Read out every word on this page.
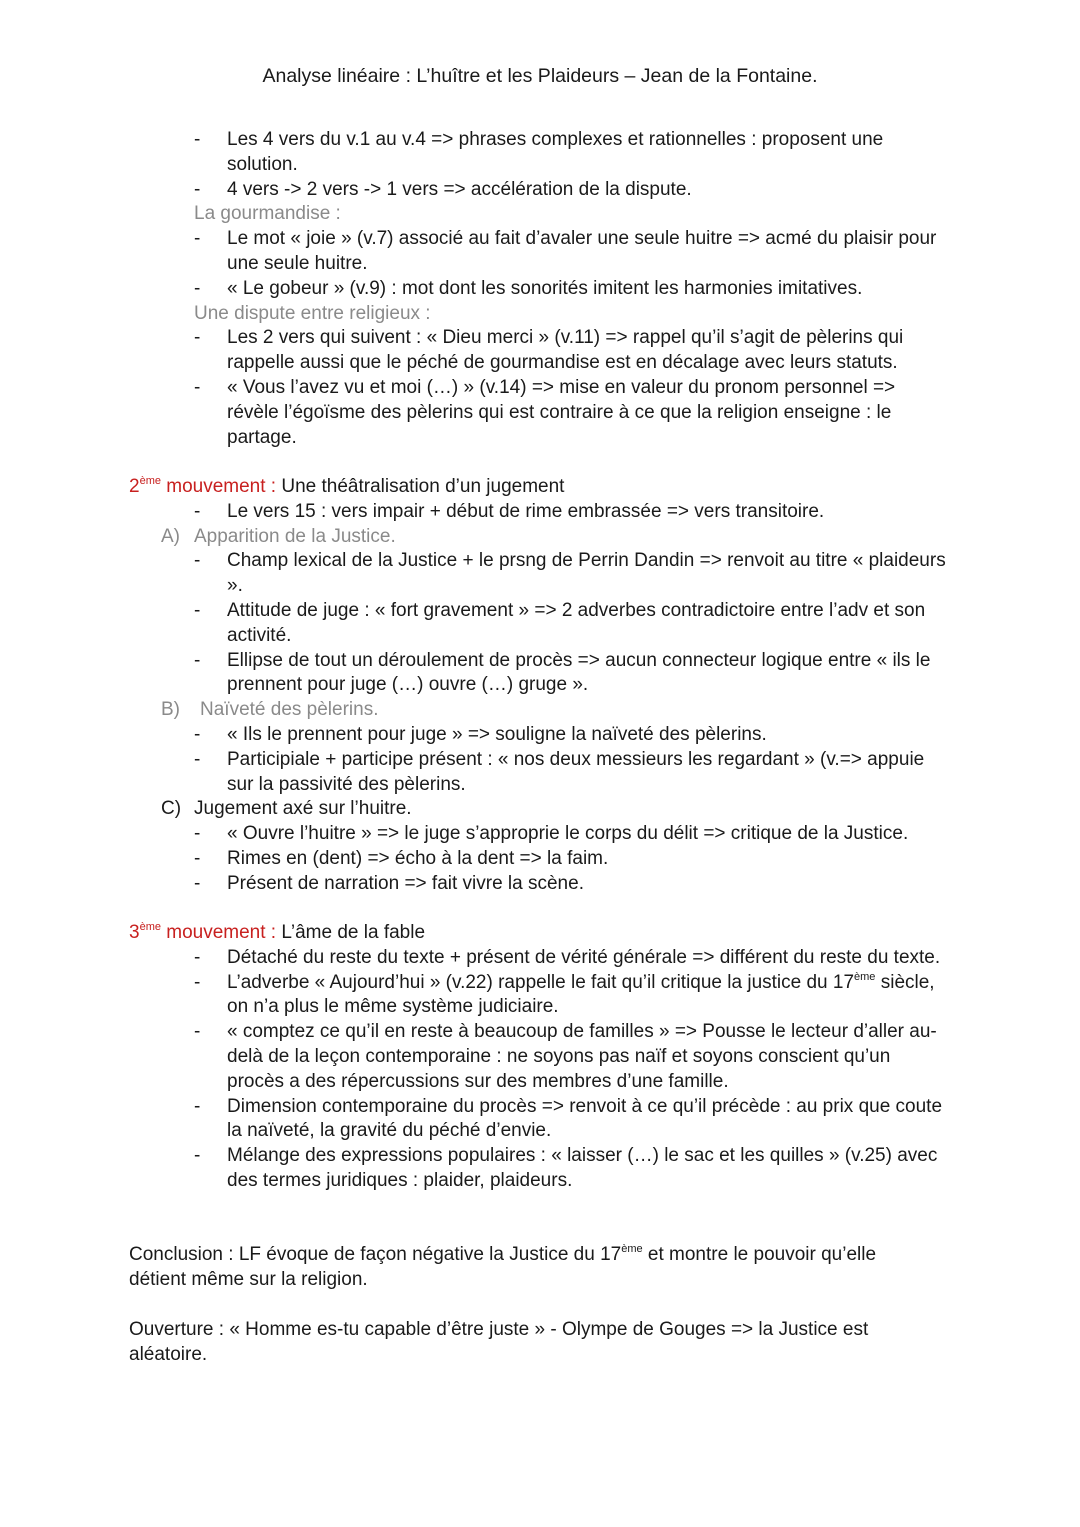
Analyse linéaire : L’huître et les Plaideurs – Jean de la Fontaine.
- Les 4 vers du v.1 au v.4 => phrases complexes et rationnelles : proposent une solution.
- 4 vers -> 2 vers -> 1 vers => accélération de la dispute.
La gourmandise :
- Le mot « joie » (v.7) associé au fait d’avaler une seule huitre => acmé du plaisir pour une seule huitre.
- « Le gobeur » (v.9) : mot dont les sonorités imitent les harmonies imitatives.
Une dispute entre religieux :
- Les 2 vers qui suivent : « Dieu merci » (v.11) => rappel qu’il s’agit de pèlerins qui rappelle aussi que le péché de gourmandise est en décalage avec leurs statuts.
- « Vous l’avez vu et moi (…) » (v.14) => mise en valeur du pronom personnel => révèle l’égoïsme des pèlerins qui est contraire à ce que la religion enseigne : le partage.
2ème mouvement : Une théâtralisation d’un jugement
- Le vers 15 : vers impair + début de rime embrassée => vers transitoire.
A) Apparition de la Justice.
- Champ lexical de la Justice + le prsng de Perrin Dandin => renvoit au titre « plaideurs ».
- Attitude de juge : « fort gravement » => 2 adverbes contradictoire entre l’adv et son activité.
- Ellipse de tout un déroulement de procès => aucun connecteur logique entre « ils le prennent pour juge (…) ouvre (…) gruge ».
B) Naïveté des pèlerins.
- « Ils le prennent pour juge » => souligne la naïveté des pèlerins.
- Participiale + participe présent : « nos deux messieurs les regardant » (v.=> appuie sur la passivité des pèlerins.
C) Jugement axé sur l’huitre.
- « Ouvre l’huitre » => le juge s’approprie le corps du délit => critique de la Justice.
- Rimes en (dent) => écho à la dent => la faim.
- Présent de narration => fait vivre la scène.
3ème mouvement : L’âme de la fable
- Détaché du reste du texte + présent de vérité générale => différent du reste du texte.
- L’adverbe « Aujourd’hui » (v.22) rappelle le fait qu’il critique la justice du 17ème siècle, on n’a plus le même système judiciaire.
- « comptez ce qu’il en reste à beaucoup de familles » => Pousse le lecteur d’aller au-delà de la leçon contemporaine : ne soyons pas naïf et soyons conscient qu’un procès a des répercussions sur des membres d’une famille.
- Dimension contemporaine du procès => renvoit à ce qu’il précède : au prix que coute la naïveté, la gravité du péché d’envie.
- Mélange des expressions populaires : « laisser (…) le sac et les quilles » (v.25) avec des termes juridiques : plaider, plaideurs.
Conclusion : LF évoque de façon négative la Justice du 17ème et montre le pouvoir qu’elle détient même sur la religion.
Ouverture : « Homme es-tu capable d’être juste » - Olympe de Gouges => la Justice est aléatoire.
